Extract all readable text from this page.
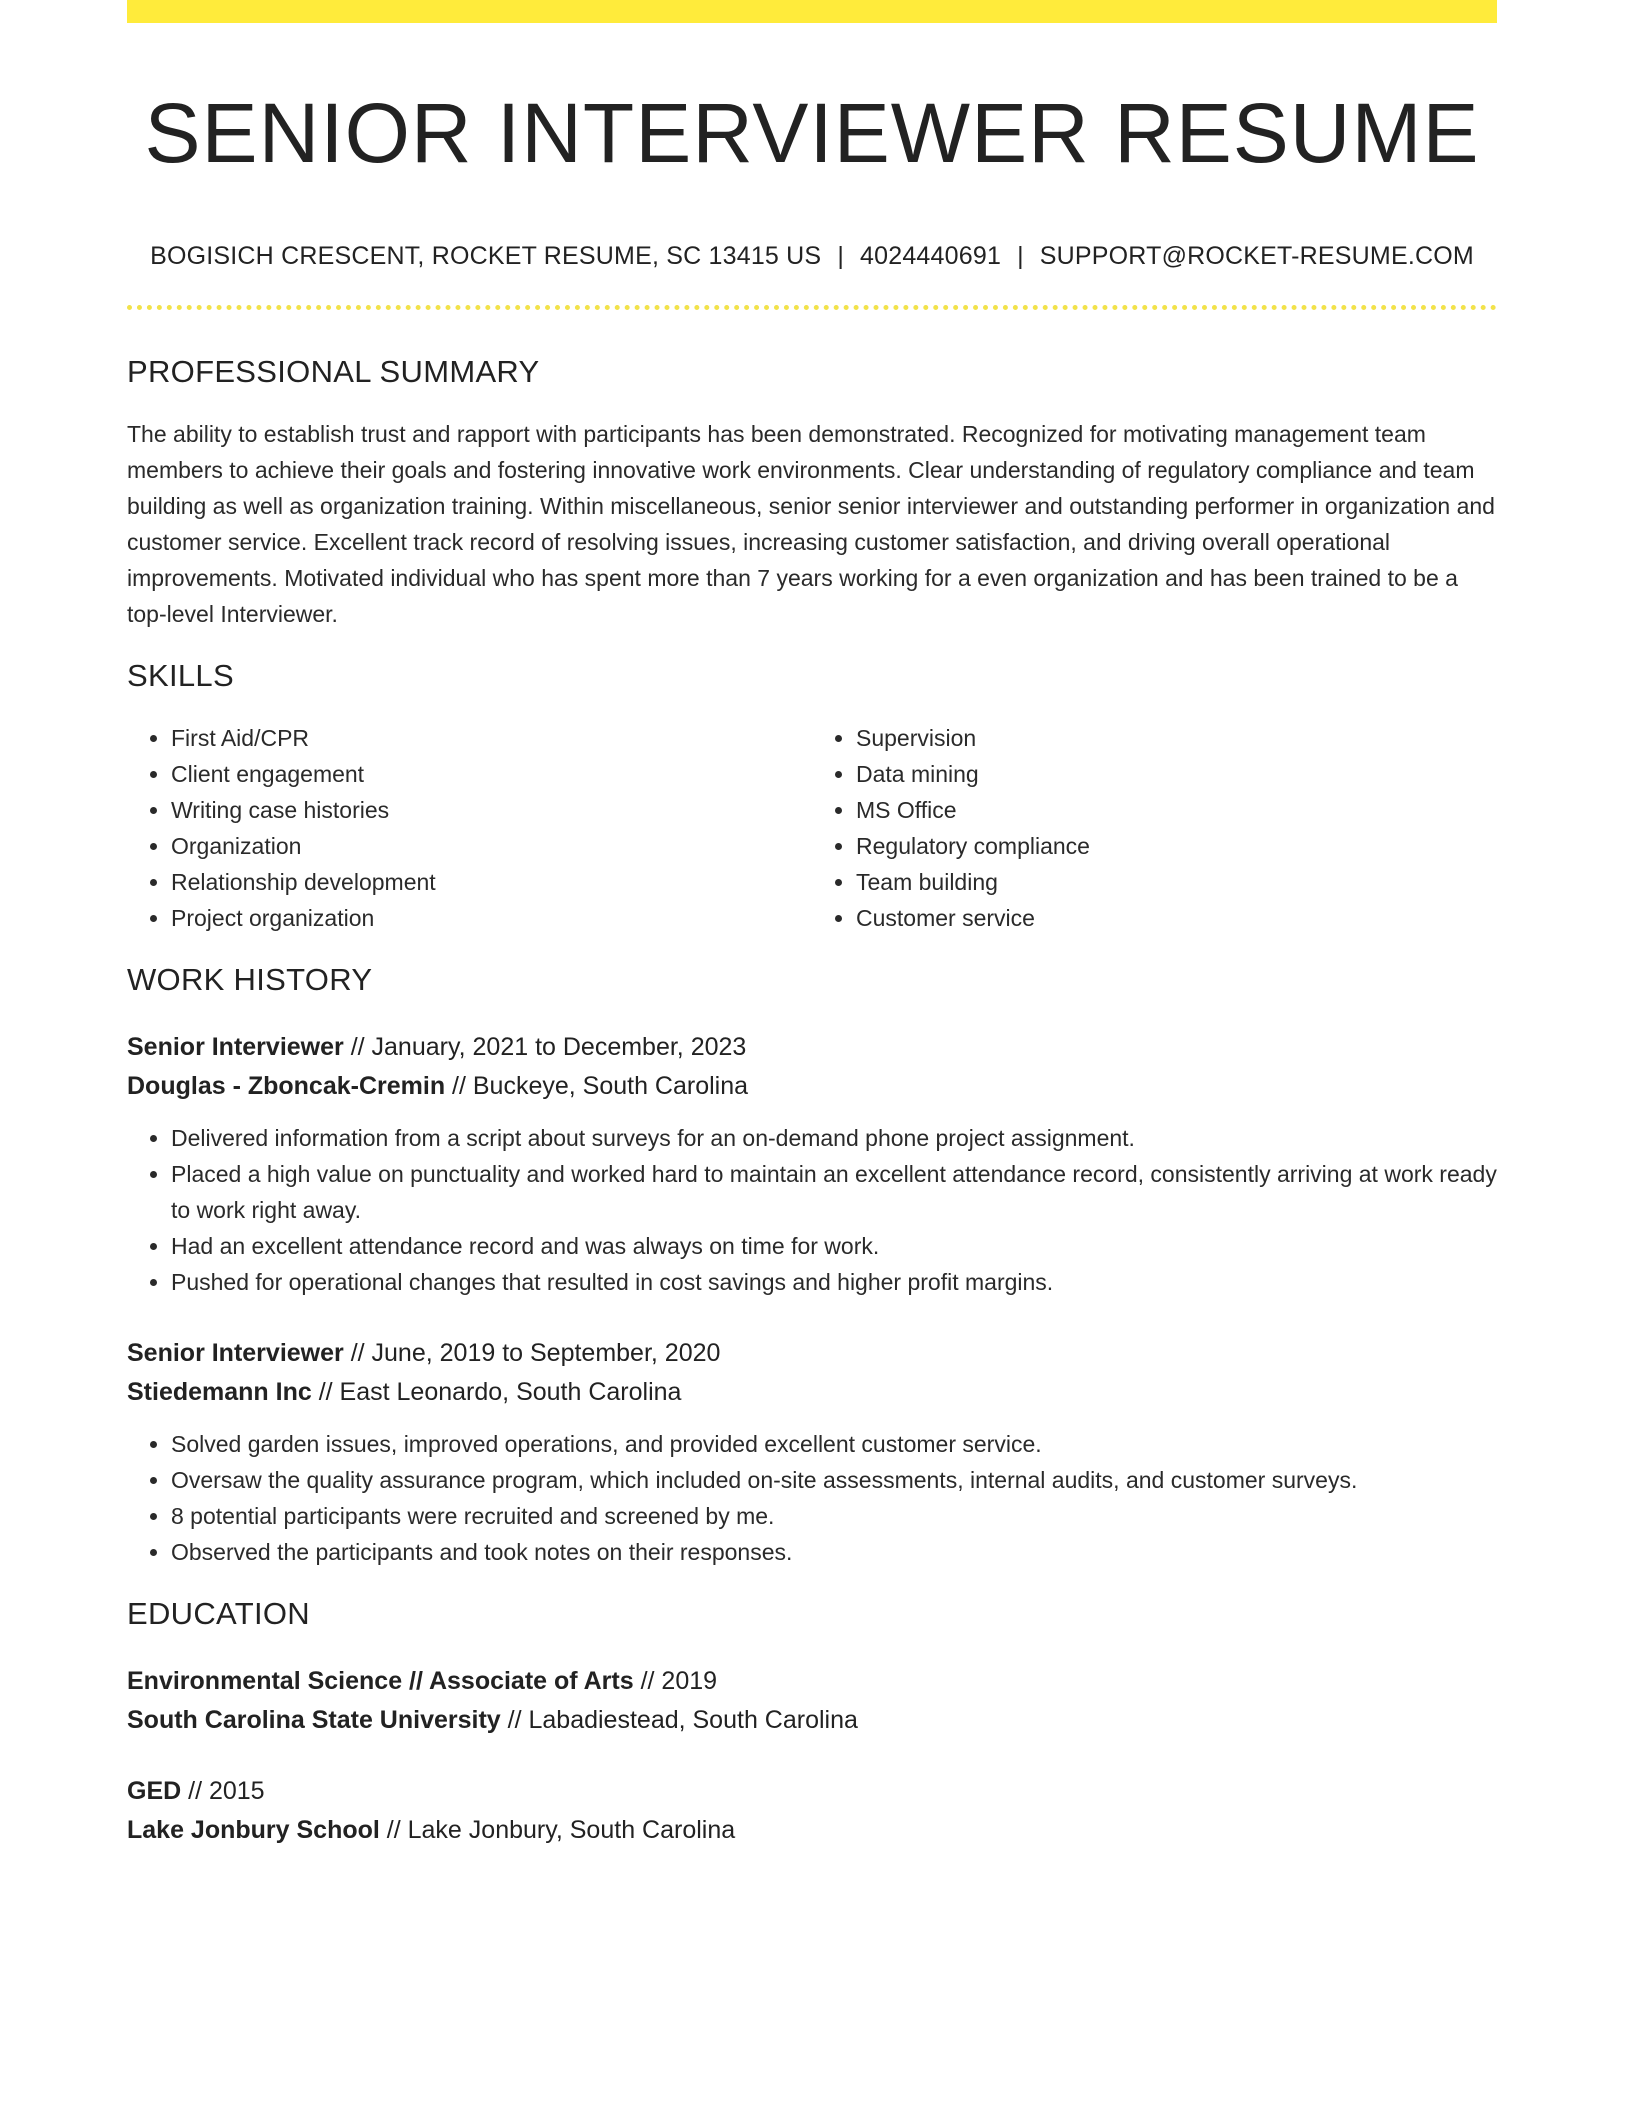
SENIOR INTERVIEWER RESUME
BOGISICH CRESCENT, ROCKET RESUME, SC 13415 US | 4024440691 | SUPPORT@ROCKET-RESUME.COM
PROFESSIONAL SUMMARY

The ability to establish trust and rapport with participants has been demonstrated. Recognized for motivating management team members to achieve their goals and fostering innovative work environments. Clear understanding of regulatory compliance and team building as well as organization training. Within miscellaneous, senior senior interviewer and outstanding performer in organization and customer service. Excellent track record of resolving issues, increasing customer satisfaction, and driving overall operational improvements. Motivated individual who has spent more than 7 years working for a even organization and has been trained to be a top-level Interviewer.

SKILLS
• First Aid/CPR
• Client engagement
• Writing case histories
• Organization
• Relationship development
• Project organization
• Supervision
• Data mining
• MS Office
• Regulatory compliance
• Team building
• Customer service
WORK HISTORY
Senior Interviewer // January, 2021 to December, 2023
Douglas - Zboncak-Cremin // Buckeye, South Carolina
• Delivered information from a script about surveys for an on-demand phone project assignment.
• Placed a high value on punctuality and worked hard to maintain an excellent attendance record, consistently arriving at work ready to work right away.
• Had an excellent attendance record and was always on time for work.
• Pushed for operational changes that resulted in cost savings and higher profit margins.
Senior Interviewer // June, 2019 to September, 2020
Stiedemann Inc // East Leonardo, South Carolina
• Solved garden issues, improved operations, and provided excellent customer service.
• Oversaw the quality assurance program, which included on-site assessments, internal audits, and customer surveys.
• 8 potential participants were recruited and screened by me.
• Observed the participants and took notes on their responses.
EDUCATION
Environmental Science // Associate of Arts // 2019
South Carolina State University // Labadiestead, South Carolina
GED // 2015
Lake Jonbury School // Lake Jonbury, South Carolina
